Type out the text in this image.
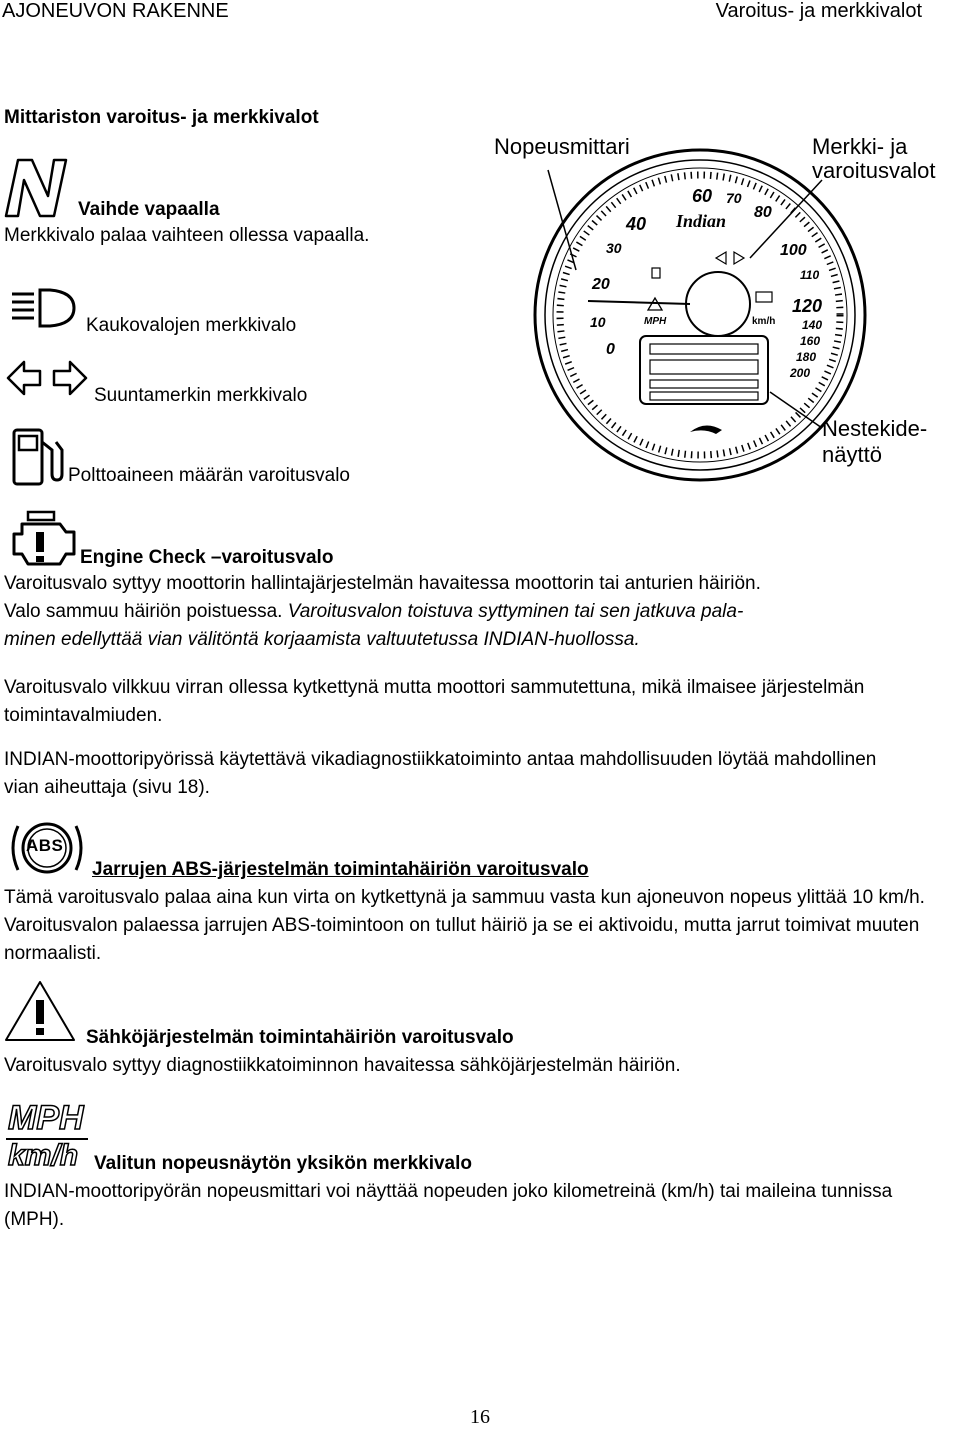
AJONEUVON RAKENNE	Varoitus- ja merkkivalot
Mittariston varoitus- ja merkkivalot
Nopeusmittari	Merkki- ja
varoitusvalot
Nestekide-
näyttö
0
10
20
30
40
60 70
80
100
110
120
140
160
180
200
MPH	km/h
Indian
Vaihde vapaalla
Merkkivalo palaa vaihteen ollessa vapaalla.
Kaukovalojen merkkivalo
Suuntamerkin merkkivalo
Polttoaineen määrän varoitusvalo
Engine Check –varoitusvalo
Varoitusvalo syttyy moottorin hallintajärjestelmän havaitessa moottorin tai anturien häiriön.
Valo sammuu häiriön poistuessa. Varoitusvalon toistuva syttyminen tai sen jatkuva pala-
minen edellyttää vian välitöntä korjaamista valtuutetussa INDIAN-huollossa.
Varoitusvalo vilkkuu virran ollessa kytkettynä mutta moottori sammutettuna, mikä ilmaisee järjestelmän toimintavalmiuden.
INDIAN-moottoripyörissä käytettävä vikadiagnostiikkatoiminto antaa mahdollisuuden löytää mahdollinen vian aiheuttaja (sivu 18).
ABS
Jarrujen ABS-järjestelmän toimintahäiriön varoitusvalo
Tämä varoitusvalo palaa aina kun virta on kytkettynä ja sammuu vasta kun ajoneuvon nopeus ylittää 10 km/h. Varoitusvalon palaessa jarrujen ABS-toimintoon on tullut häiriö ja se ei aktivoidu, mutta jarrut toimivat muuten normaalisti.
Sähköjärjestelmän toimintahäiriön varoitusvalo
Varoitusvalo syttyy diagnostiikkatoiminnon havaitessa sähköjärjestelmän häiriön.
MPH
km/h Valitun nopeusnäytön yksikön merkkivalo
INDIAN-moottoripyörän nopeusmittari voi näyttää nopeuden joko kilometreinä (km/h) tai maileina tunnissa (MPH).
16
